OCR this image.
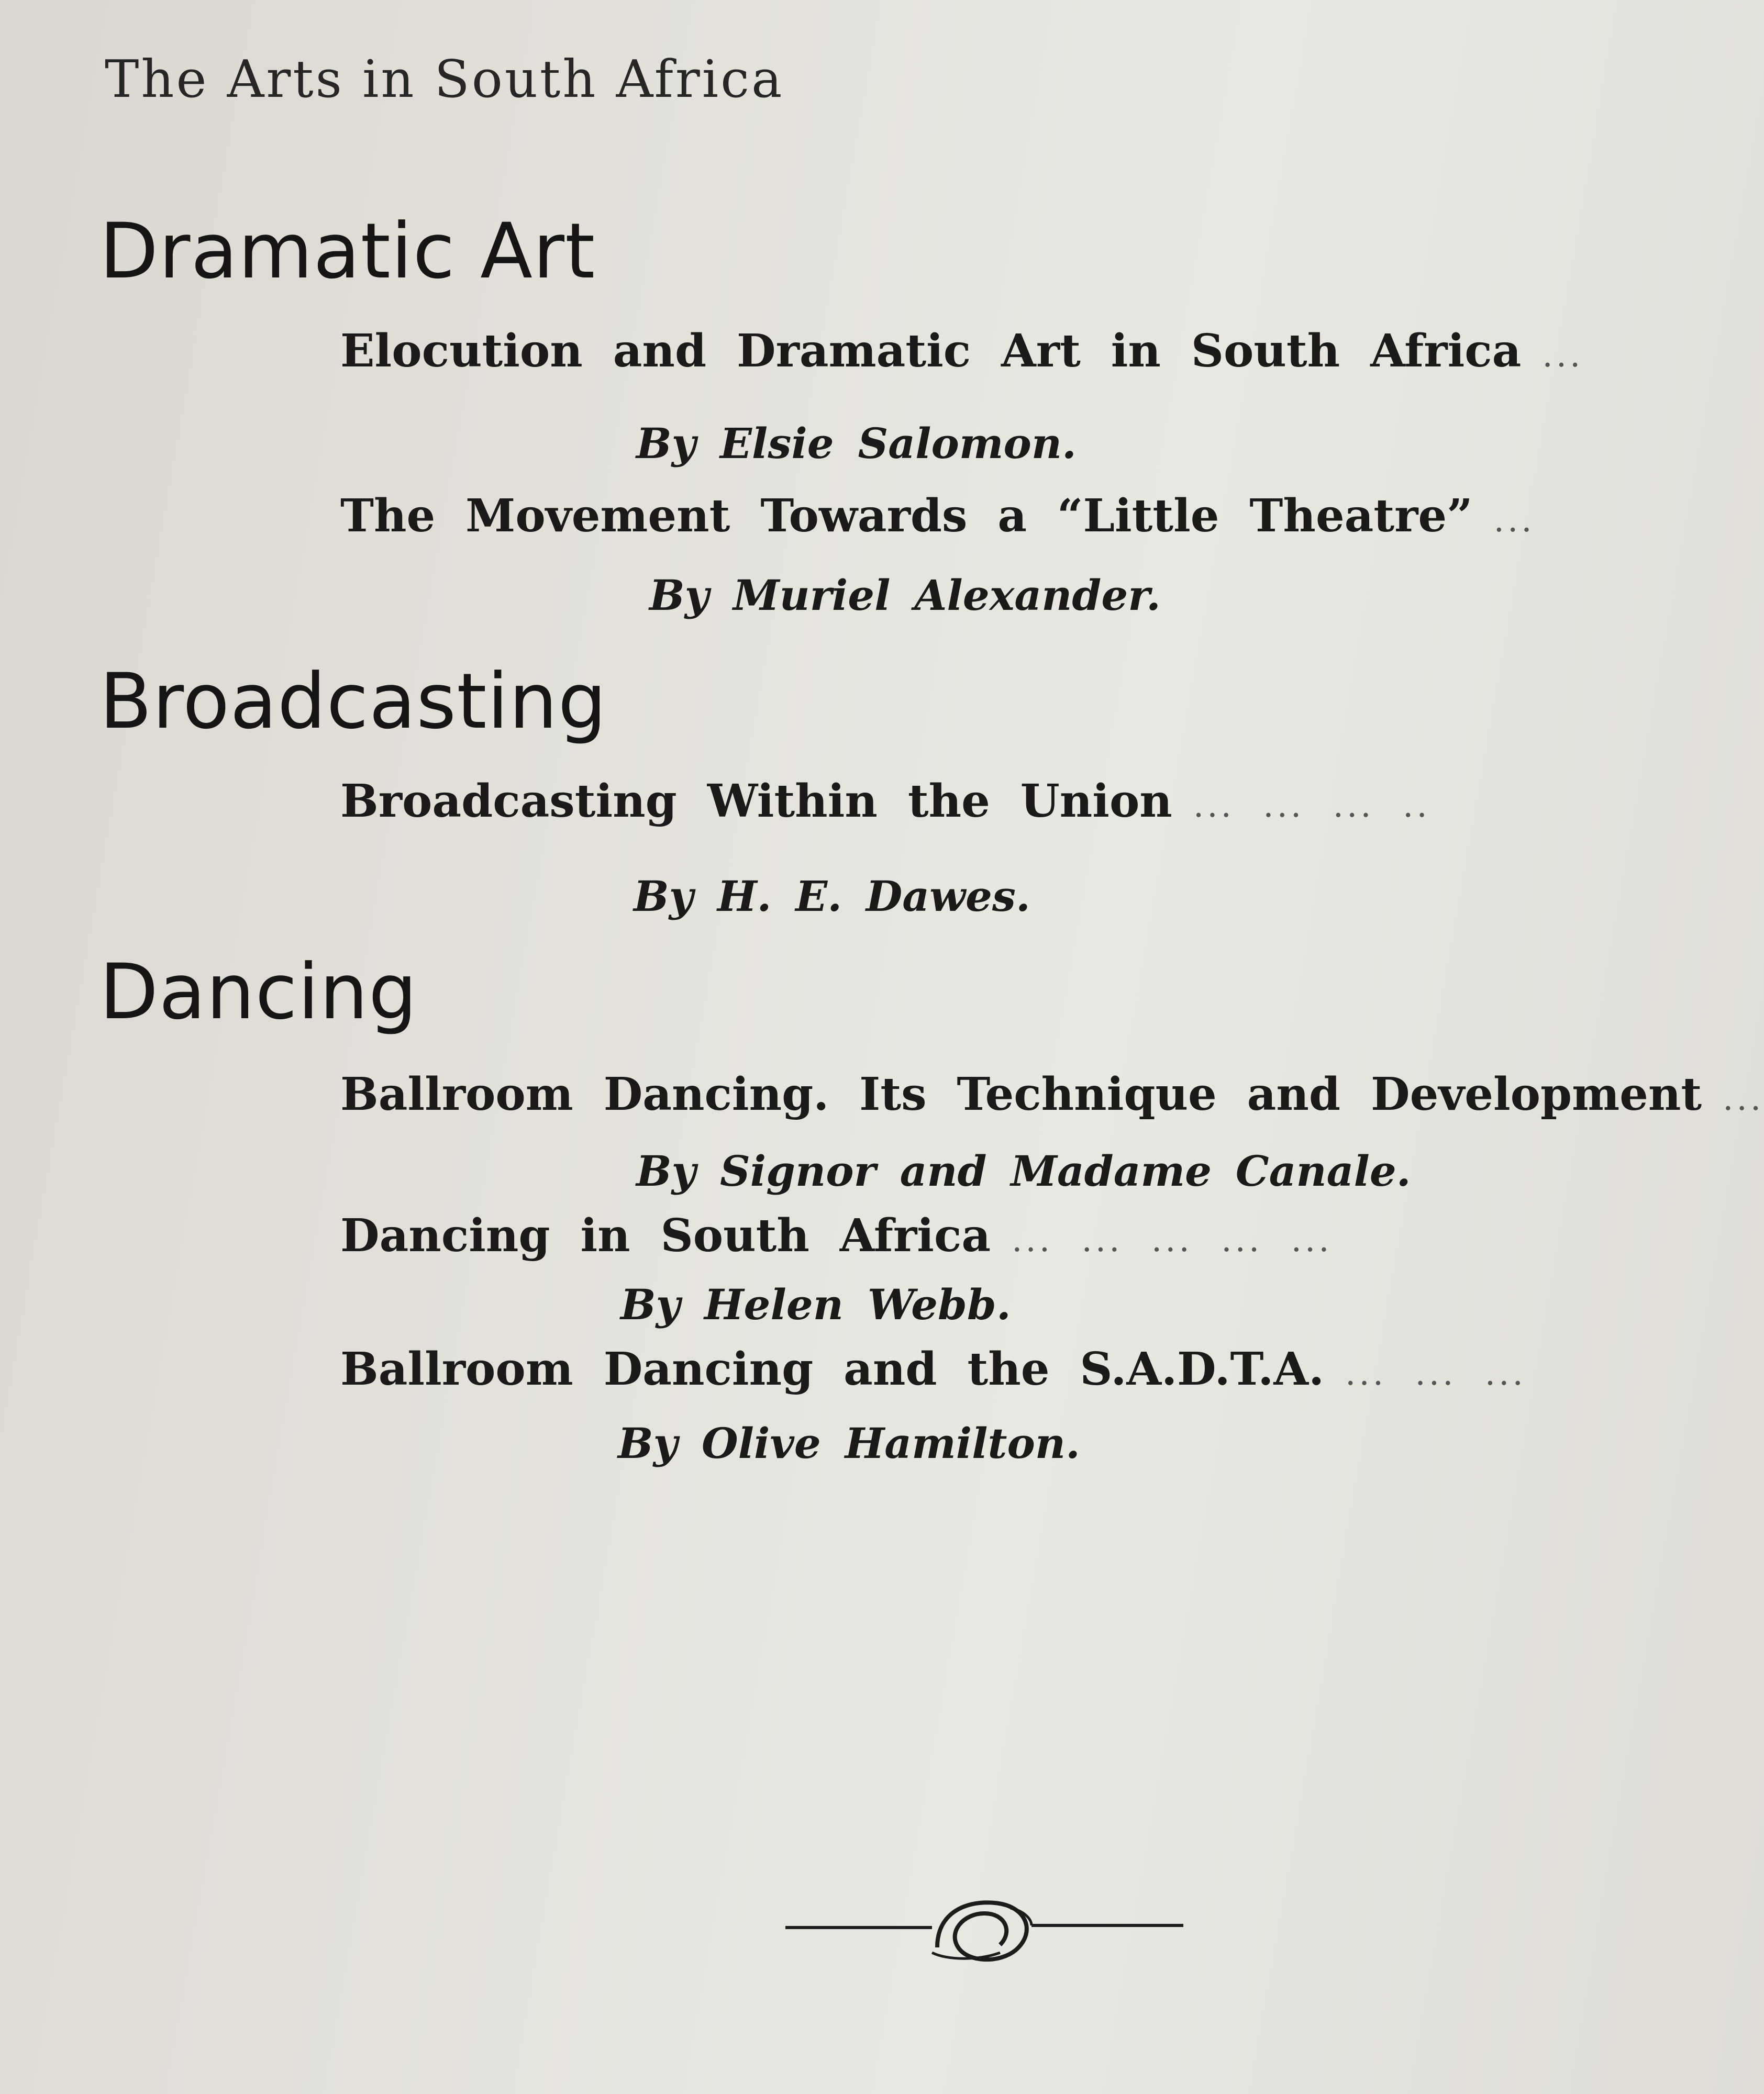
The Arts in South Africa
Dramatic Art
Elocution and Dramatic Art in South Africa ...
By Elsie Salomon.
The Movement Towards a “Little Theatre” ...
By Muriel Alexander.
Broadcasting
Broadcasting Within the Union ... ... ... ..
By H. E. Dawes.
Dancing
Ballroom Dancing. Its Technique and Development ...
By Signor and Madame Canale.
Dancing in South Africa ... ... ... ... ...
By Helen Webb.
Ballroom Dancing and the S.A.D.T.A. ... ... ...
By Olive Hamilton.
